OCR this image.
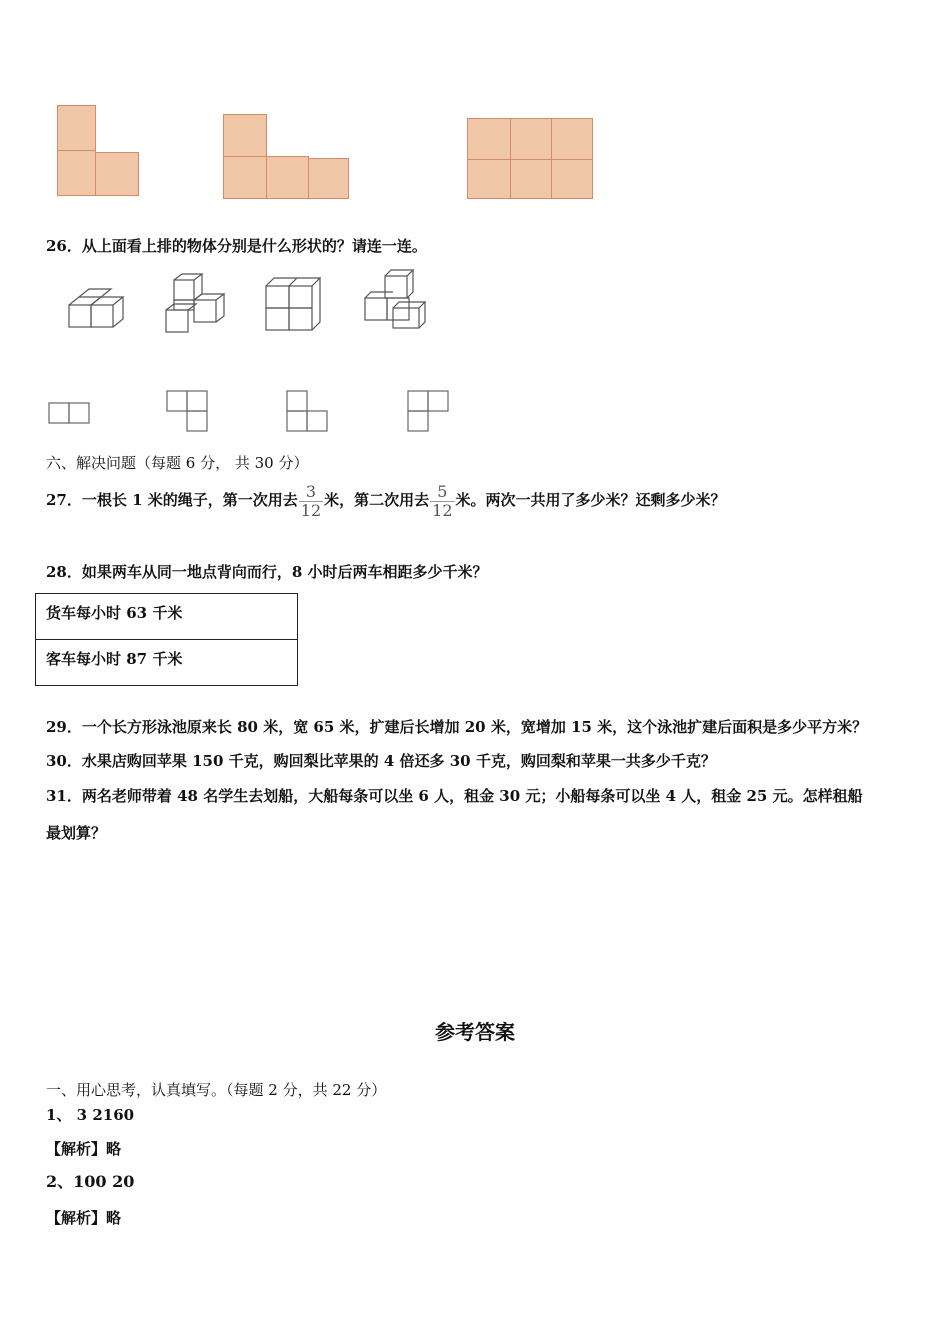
26．从上面看上排的物体分别是什么形状的？请连一连。
六、解决问题（每题 6 分， 共 30 分）
27．一根长 1 米的绳子，第一次用去 $\frac{3}{12}$ 米，第二次用去 $\frac{5}{12}$ 米。两次一共用了多少米？还剩多少米？
28．如果两车从同一地点背向而行，8 小时后两车相距多少千米？
货车每小时 63 千米
客车每小时 87 千米
29．一个长方形泳池原来长 80 米，宽 65 米，扩建后长增加 20 米，宽增加 15 米，这个泳池扩建后面积是多少平方米？
30．水果店购回苹果 150 千克，购回梨比苹果的 4 倍还多 30 千克，购回梨和苹果一共多少千克？
31．两名老师带着 48 名学生去划船，大船每条可以坐 6 人，租金 30 元；小船每条可以坐 4 人，租金 25 元。怎样租船
最划算？
参考答案
一、用心思考，认真填写。（每题 2 分，共 22 分）
1、 3 2160
【解析】略
2、100 20
【解析】略
